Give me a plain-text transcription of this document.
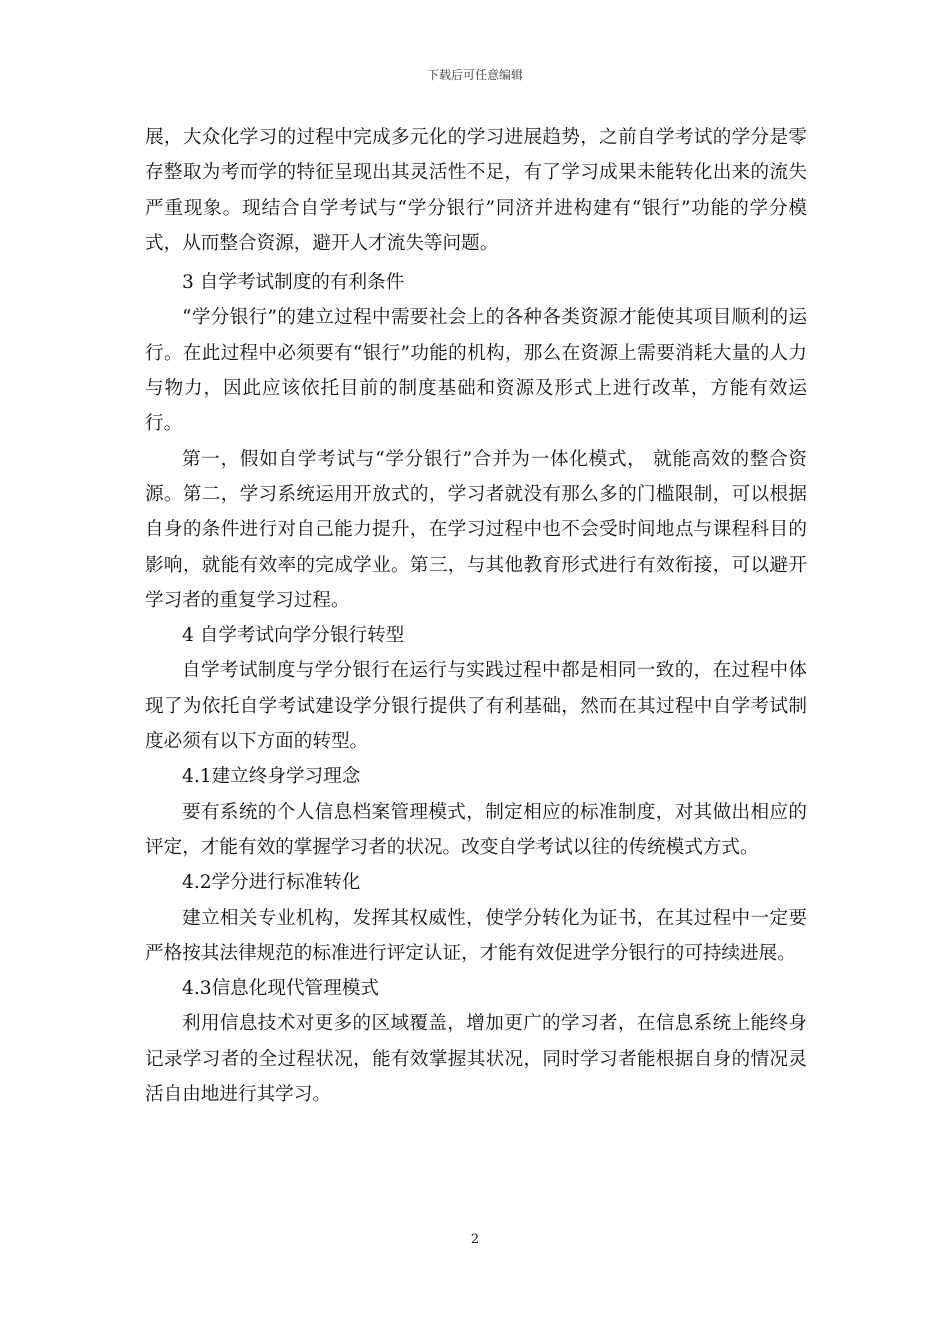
下载后可任意编辑

展，大众化学习的过程中完成多元化的学习进展趋势，之前自学考试的学分是零存整取为考而学的特征呈现出其灵活性不足，有了学习成果未能转化出来的流失严重现象。现结合自学考试与“学分银行”同济并进构建有“银行”功能的学分模式，从而整合资源，避开人才流失等问题。

3 自学考试制度的有利条件

“学分银行”的建立过程中需要社会上的各种各类资源才能使其项目顺利的运行。在此过程中必须要有“银行”功能的机构，那么在资源上需要消耗大量的人力与物力，因此应该依托目前的制度基础和资源及形式上进行改革，方能有效运行。

第一，假如自学考试与“学分银行”合并为一体化模式， 就能高效的整合资源。第二，学习系统运用开放式的，学习者就没有那么多的门槛限制，可以根据自身的条件进行对自己能力提升，在学习过程中也不会受时间地点与课程科目的影响，就能有效率的完成学业。第三，与其他教育形式进行有效衔接，可以避开学习者的重复学习过程。

4 自学考试向学分银行转型

自学考试制度与学分银行在运行与实践过程中都是相同一致的，在过程中体现了为依托自学考试建设学分银行提供了有利基础，然而在其过程中自学考试制度必须有以下方面的转型。

4.1建立终身学习理念

要有系统的个人信息档案管理模式，制定相应的标准制度，对其做出相应的评定，才能有效的掌握学习者的状况。改变自学考试以往的传统模式方式。

4.2学分进行标准转化

建立相关专业机构，发挥其权威性，使学分转化为证书，在其过程中一定要严格按其法律规范的标准进行评定认证，才能有效促进学分银行的可持续进展。

4.3信息化现代管理模式

利用信息技术对更多的区域覆盖，增加更广的学习者，在信息系统上能终身记录学习者的全过程状况，能有效掌握其状况，同时学习者能根据自身的情况灵活自由地进行其学习。

2
